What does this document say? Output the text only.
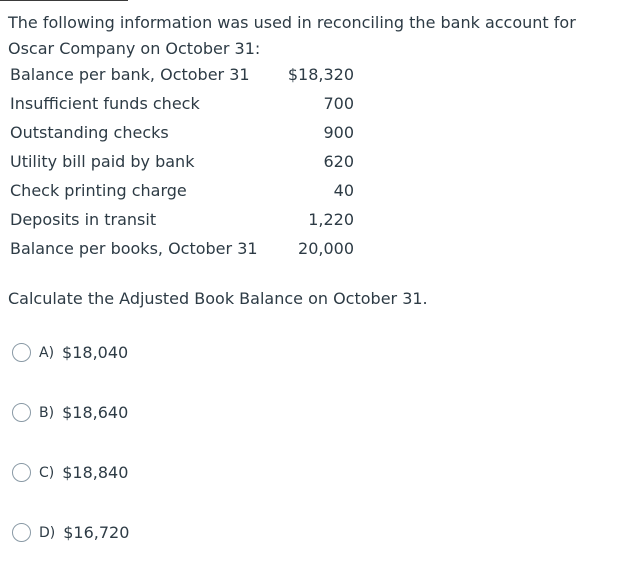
The following information was used in reconciling the bank account for Oscar Company on October 31:
Balance per bank, October 31	$18,320
Insufficient funds check	700
Outstanding checks	900
Utility bill paid by bank	620
Check printing charge	40
Deposits in transit	1,220
Balance per books, October 31	20,000
Calculate the Adjusted Book Balance on October 31.
A) $18,040
B) $18,640
C) $18,840
D) $16,720
